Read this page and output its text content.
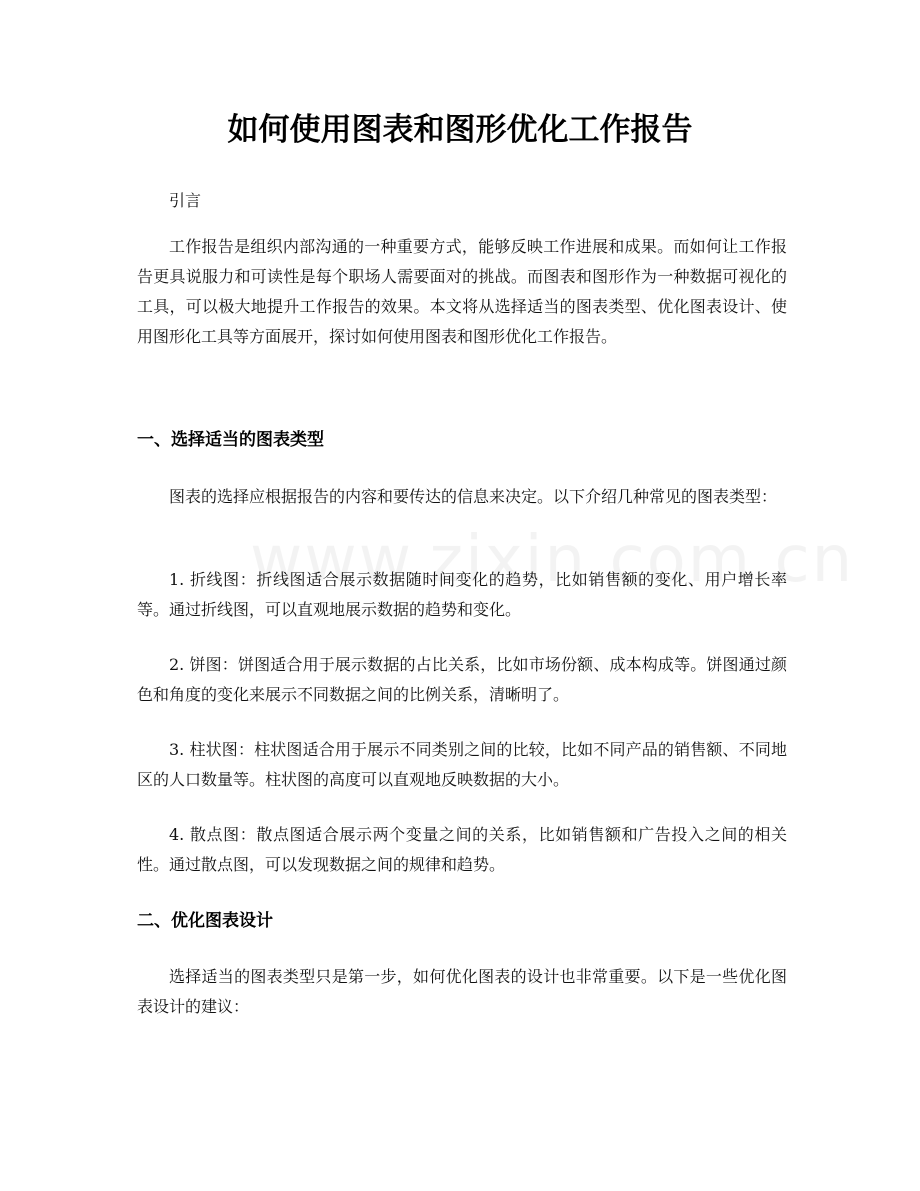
如何使用图表和图形优化工作报告

引言

工作报告是组织内部沟通的一种重要方式，能够反映工作进展和成果。而如何让工作报告更具说服力和可读性是每个职场人需要面对的挑战。而图表和图形作为一种数据可视化的工具，可以极大地提升工作报告的效果。本文将从选择适当的图表类型、优化图表设计、使用图形化工具等方面展开，探讨如何使用图表和图形优化工作报告。

一、选择适当的图表类型

图表的选择应根据报告的内容和要传达的信息来决定。以下介绍几种常见的图表类型：

1. 折线图：折线图适合展示数据随时间变化的趋势，比如销售额的变化、用户增长率等。通过折线图，可以直观地展示数据的趋势和变化。

2. 饼图：饼图适合用于展示数据的占比关系，比如市场份额、成本构成等。饼图通过颜色和角度的变化来展示不同数据之间的比例关系，清晰明了。

3. 柱状图：柱状图适合用于展示不同类别之间的比较，比如不同产品的销售额、不同地区的人口数量等。柱状图的高度可以直观地反映数据的大小。

4. 散点图：散点图适合展示两个变量之间的关系，比如销售额和广告投入之间的相关性。通过散点图，可以发现数据之间的规律和趋势。

二、优化图表设计

选择适当的图表类型只是第一步，如何优化图表的设计也非常重要。以下是一些优化图表设计的建议：
